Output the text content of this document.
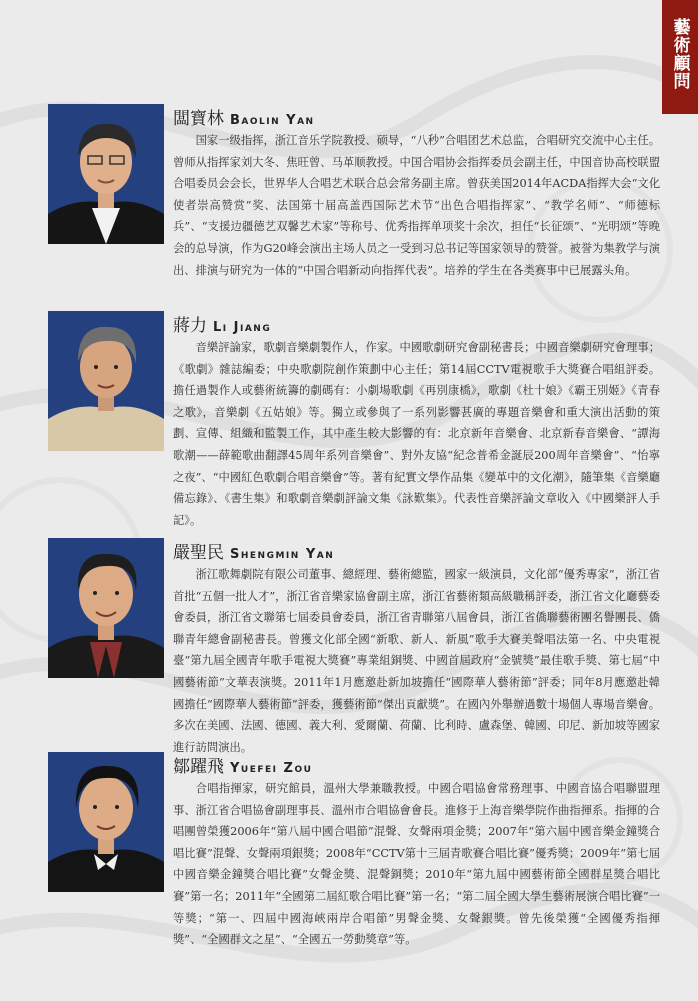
藝術顧問
闆寶林 Baolin Yan

国家一级指挥，浙江音乐学院教授、硕导，“八秒”合唱团艺术总监，合唱研究交流中心主任。曾师从指挥家刘大冬、焦旺曾、马革顺教授。中国合唱协会指挥委员会副主任，中国音协高校联盟合唱委员会会长，世界华人合唱艺术联合总会常务副主席。曾获美国2014年ACDA指挥大会“文化使者崇高赞赏”奖、法国第十届高盖西国际艺术节“出色合唱指挥家”、“教学名师”、“师德标兵”、“支援边疆德艺双馨艺术家”等称号、优秀指挥单项奖十余次，担任“长征颂”、“光明颂”等晚会的总导演，作为G20峰会演出主场人员之一受到习总书记等国家领导的赞誉。被誉为集教学与演出、排演与研究为一体的“中国合唱新动向指挥代表”。培养的学生在各类赛事中已展露头角。

蔣力 Li Jiang

音樂評論家，歌劇音樂劇製作人，作家。中國歌劇研究會副秘書長；中國音樂劇研究會理事；《歌劇》雜誌編委；中央歌劇院創作策劃中心主任；第14屆CCTV電視歌手大獎賽合唱組評委。擔任過製作人或藝術統籌的劇碼有：小劇場歌劇《再別康橋》，歌劇《杜十娘》《霸王別姬》《青春之歌》，音樂劇《五姑娘》等。獨立或參與了一系列影響甚廣的專題音樂會和重大演出活動的策劃、宣傳、組織和監製工作，其中產生較大影響的有：北京新年音樂會、北京新春音樂會、“譚海歌潮——薛範歌曲翻譯45周年系列音樂會”、對外友協“紀念普希金誕辰200周年音樂會”、“怡寧之夜”、“中國紅色歌劇合唱音樂會”等。著有紀實文學作品集《變革中的文化潮》，隨筆集《音樂廳備忘錄》、《書生集》和歌劇音樂劇評論文集《詠歎集》。代表性音樂評論文章收入《中國樂評人手記》。

嚴聖民 Shengmin Yan

浙江歌舞劇院有限公司董事、總經理、藝術總監，國家一級演員，文化部“優秀專家”，浙江省首批“五個一批人才”，浙江省音樂家協會副主席，浙江省藝術類高級職稱評委，浙江省文化廳藝委會委員，浙江省文聯第七屆委員會委員，浙江省青聯第八屆會員，浙江省僑聯藝術團名譽團長、僑聯青年總會副秘書長。曾獲文化部全國“新歌、新人、新風”歌手大賽美聲唱法第一名、中央電視臺“第九屆全國青年歌手電視大獎賽”專業組銅獎、中國首屆政府“金號獎”最佳歌手獎、第七屆“中國藝術節”文華表演獎。2011年1月應邀赴新加坡擔任“國際華人藝術節”評委；同年8月應邀赴韓國擔任“國際華人藝術節”評委，獲藝術節“傑出貢獻獎”。在國內外舉辦過數十場個人專場音樂會。多次在美國、法國、德國、義大利、愛爾蘭、荷蘭、比利時、盧森堡、韓國、印尼、新加坡等國家進行訪問演出。

鄒躍飛 Yuefei Zou

合唱指揮家，研究館員，溫州大學兼職教授。中國合唱協會常務理事、中國音協合唱聯盟理事、浙江省合唱協會副理事長、溫州市合唱協會會長。進修于上海音樂學院作曲指揮系。指揮的合唱團曾榮獲2006年“第八屆中國合唱節”混聲、女聲兩項金獎；2007年“第六屆中國音樂金鐘獎合唱比賽”混聲、女聲兩項銀獎；2008年“CCTV第十三屆青歌賽合唱比賽”優秀獎；2009年“第七屆中國音樂金鐘獎合唱比賽”女聲金獎、混聲銅獎；2010年“第九屆中國藝術節全國群星獎合唱比賽”第一名；2011年“全國第二屆紅歌合唱比賽”第一名；“第二屆全國大學生藝術展演合唱比賽”一等獎；“第一、四屆中國海峽兩岸合唱節”男聲金獎、女聲銀獎。曾先後榮獲“全國優秀指揮獎”、“全國群文之星”、“全國五一勞動獎章”等。
